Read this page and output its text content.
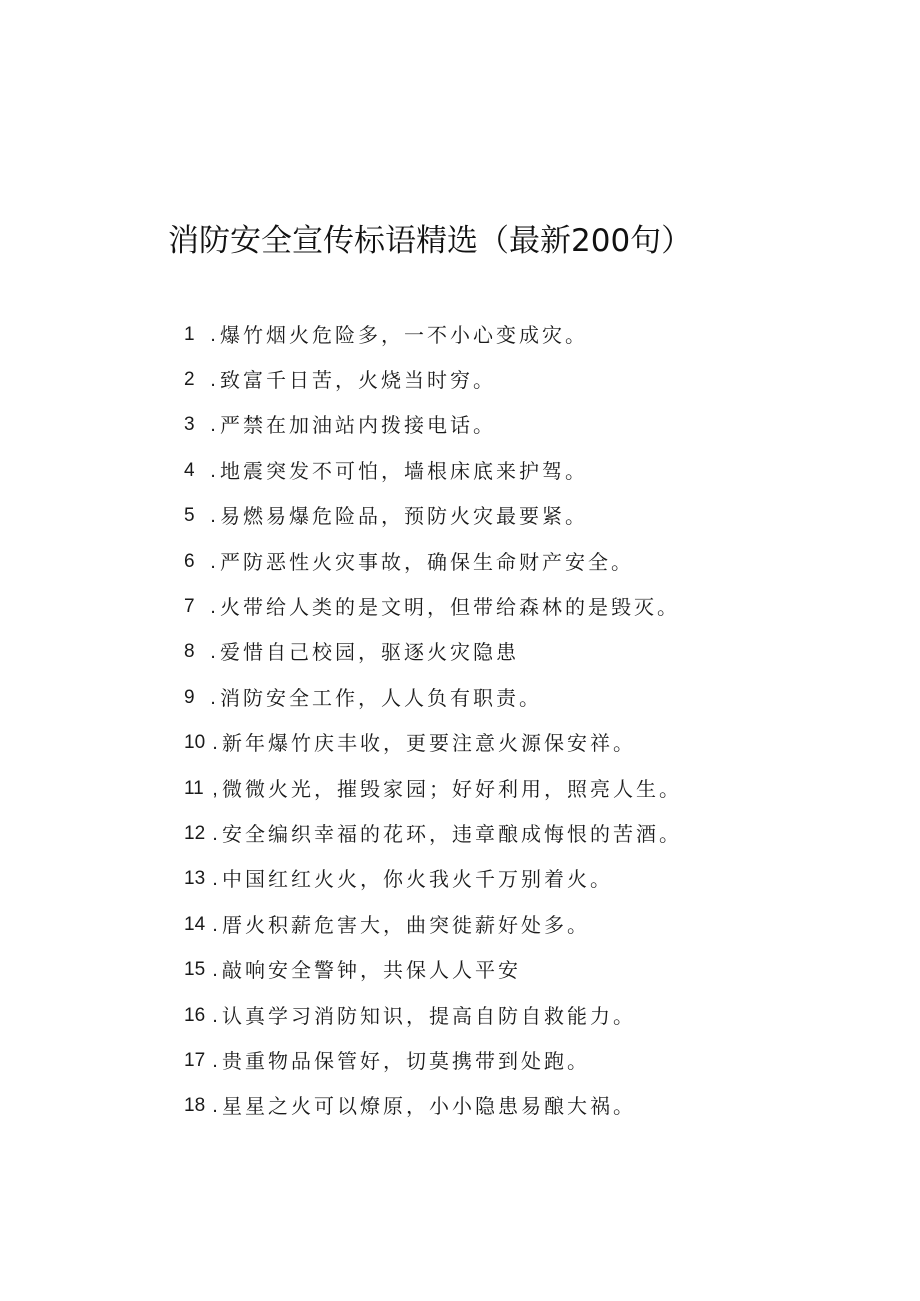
消防安全宣传标语精选（最新200句）
1 . 爆竹烟火危险多，一不小心变成灾。
2 . 致富千日苦，火烧当时穷。
3 . 严禁在加油站内拨接电话。
4 . 地震突发不可怕，墙根床底来护驾。
5 . 易燃易爆危险品，预防火灾最要紧。
6 . 严防恶性火灾事故，确保生命财产安全。
7 . 火带给人类的是文明，但带给森林的是毁灭。
8 . 爱惜自己校园，驱逐火灾隐患
9 . 消防安全工作，人人负有职责。
10 . 新年爆竹庆丰收，更要注意火源保安祥。
11 , 微微火光，摧毁家园；好好利用，照亮人生。
12 . 安全编织幸福的花环，违章酿成悔恨的苦酒。
13 . 中国红红火火，你火我火千万别着火。
14 . 厝火积薪危害大，曲突徙薪好处多。
15 . 敲响安全警钟，共保人人平安
16 . 认真学习消防知识，提高自防自救能力。
17 . 贵重物品保管好，切莫携带到处跑。
18 . 星星之火可以燎原，小小隐患易酿大祸。
